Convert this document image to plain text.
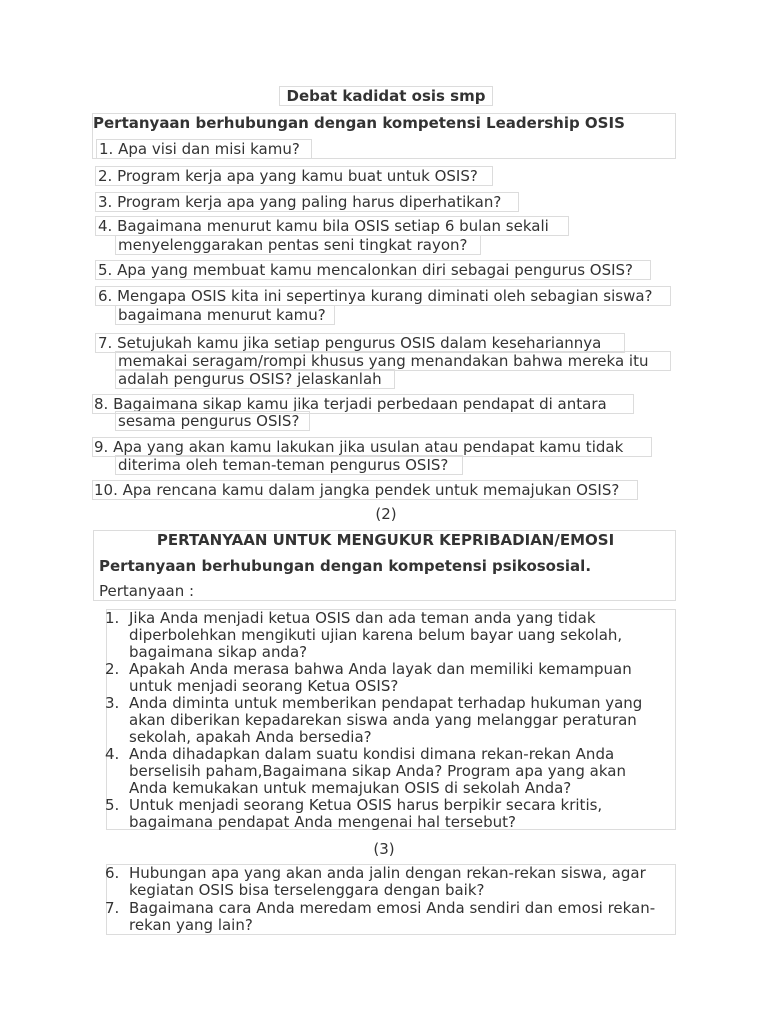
Debat kadidat osis smp
Pertanyaan berhubungan dengan kompetensi Leadership OSIS
1. Apa visi dan misi kamu?
2. Program kerja apa yang kamu buat untuk OSIS?
3. Program kerja apa yang paling harus diperhatikan?
4. Bagaimana menurut kamu bila OSIS setiap 6 bulan sekali
menyelenggarakan pentas seni tingkat rayon?
5. Apa yang membuat kamu mencalonkan diri sebagai pengurus OSIS?
6. Mengapa OSIS kita ini sepertinya kurang diminati oleh sebagian siswa?
bagaimana menurut kamu?
7. Setujukah kamu jika setiap pengurus OSIS dalam kesehariannya
memakai seragam/rompi khusus yang menandakan bahwa mereka itu
adalah pengurus OSIS? jelaskanlah
8. Bagaimana sikap kamu jika terjadi perbedaan pendapat di antara
sesama pengurus OSIS?
9. Apa yang akan kamu lakukan jika usulan atau pendapat kamu tidak
diterima oleh teman-teman pengurus OSIS?
10. Apa rencana kamu dalam jangka pendek untuk memajukan OSIS?
(2)
PERTANYAAN UNTUK MENGUKUR KEPRIBADIAN/EMOSI
Pertanyaan berhubungan dengan kompetensi psikososial.
Pertanyaan :
1. Jika Anda menjadi ketua OSIS dan ada teman anda yang tidak
diperbolehkan mengikuti ujian karena belum bayar uang sekolah,
bagaimana sikap anda?
2. Apakah Anda merasa bahwa Anda layak dan memiliki kemampuan
untuk menjadi seorang Ketua OSIS?
3. Anda diminta untuk memberikan pendapat terhadap hukuman yang
akan diberikan kepadarekan siswa anda yang melanggar peraturan
sekolah, apakah Anda bersedia?
4. Anda dihadapkan dalam suatu kondisi dimana rekan-rekan Anda
berselisih paham,Bagaimana sikap Anda? Program apa yang akan
Anda kemukakan untuk memajukan OSIS di sekolah Anda?
5. Untuk menjadi seorang Ketua OSIS harus berpikir secara kritis,
bagaimana pendapat Anda mengenai hal tersebut?
(3)
6. Hubungan apa yang akan anda jalin dengan rekan-rekan siswa, agar
kegiatan OSIS bisa terselenggara dengan baik?
7. Bagaimana cara Anda meredam emosi Anda sendiri dan emosi rekan-
rekan yang lain?
